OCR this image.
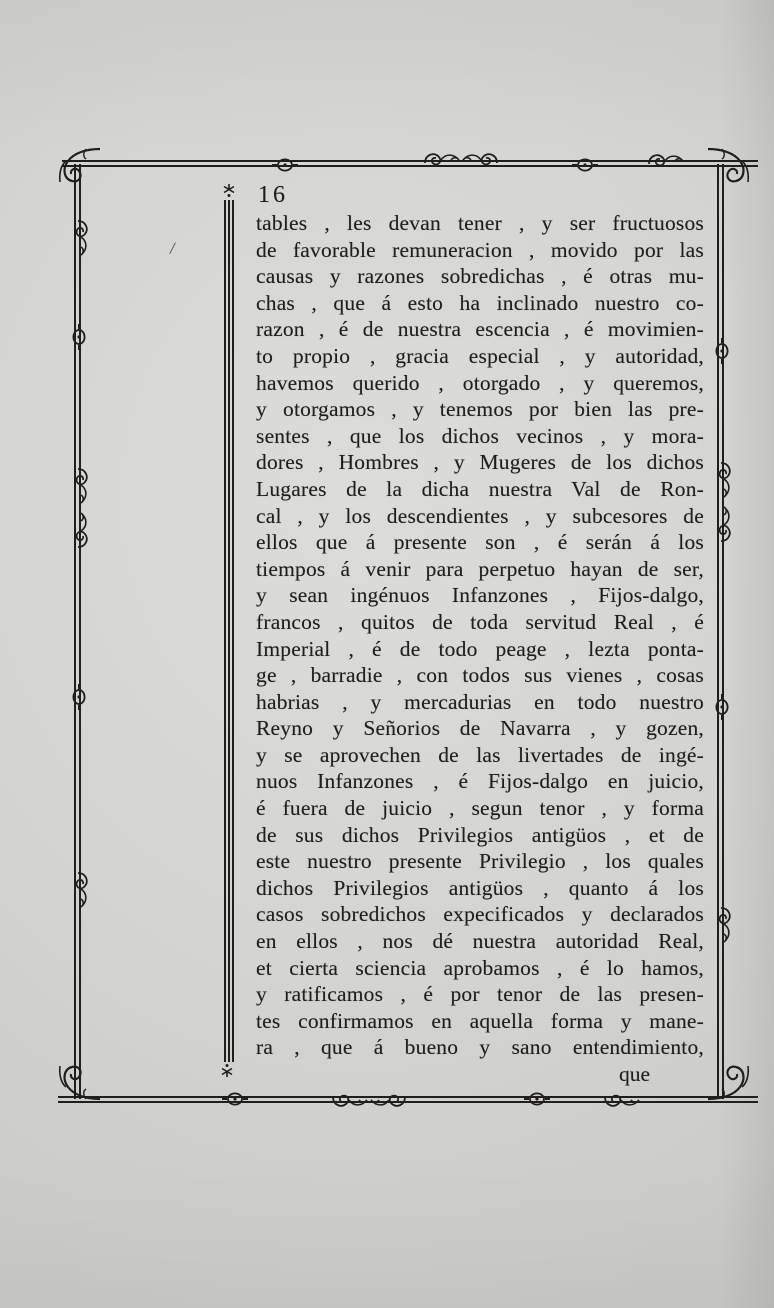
/
16
tables , les devan tener , y ser fructuosos
de favorable remuneracion , movido por las
causas y razones sobredichas , é otras mu-
chas , que á esto ha inclinado nuestro co-
razon , é de nuestra escencia , é movimien-
to propio , gracia especial , y autoridad,
havemos querido , otorgado , y queremos,
y otorgamos , y tenemos por bien las pre-
sentes , que los dichos vecinos , y mora-
dores , Hombres , y Mugeres de los dichos
Lugares de la dicha nuestra Val de Ron-
cal , y los descendientes , y subcesores de
ellos que á presente son , é serán á los
tiempos á venir para perpetuo hayan de ser,
y sean ingénuos Infanzones , Fijos-dalgo,
francos , quitos de toda servitud Real , é
Imperial , é de todo peage , lezta ponta-
ge , barradie , con todos sus vienes , cosas
habrias , y mercadurias en todo nuestro
Reyno y Señorios de Navarra , y gozen,
y se aprovechen de las livertades de ingé-
nuos Infanzones , é Fijos-dalgo en juicio,
é fuera de juicio , segun tenor , y forma
de sus dichos Privilegios antigüos , et de
este nuestro presente Privilegio , los quales
dichos Privilegios antigüos , quanto á los
casos sobredichos expecificados y declarados
en ellos , nos dé nuestra autoridad Real,
et cierta sciencia aprobamos , é lo hamos,
y ratificamos , é por tenor de las presen-
tes confirmamos en aquella forma y mane-
ra , que á bueno y sano entendimiento,
que
